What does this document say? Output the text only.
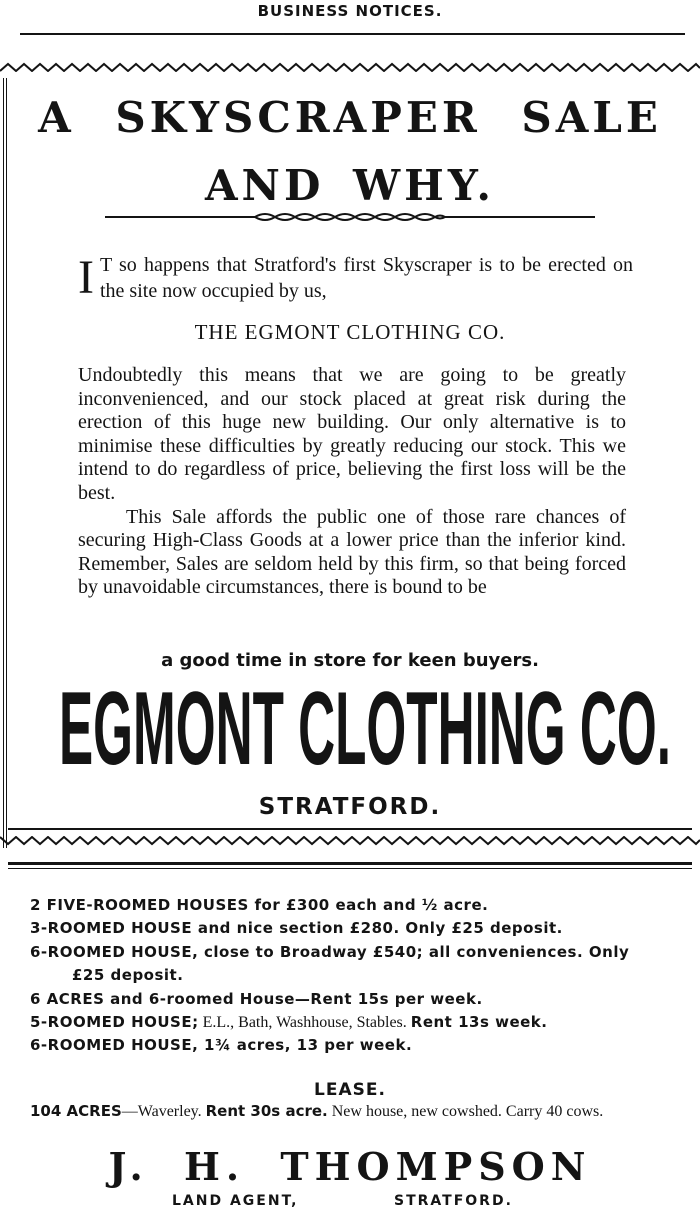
BUSINESS NOTICES.
A SKYSCRAPER SALE
AND WHY.
I T so happens that Stratford's first Skyscraper is to be erected on the site now occupied by us,
THE EGMONT CLOTHING CO.

Undoubtedly this means that we are going to be greatly inconvenienced, and our stock placed at great risk during the erection of this huge new building. Our only alternative is to minimise these difficulties by greatly reducing our stock. This we intend to do regardless of price, believing the first loss will be the best.

This Sale affords the public one of those rare chances of securing High-Class Goods at a lower price than the inferior kind. Remember, Sales are seldom held by this firm, so that being forced by unavoidable circumstances, there is bound to be

a good time in store for keen buyers.
EGMONT CLOTHING CO.
STRATFORD.
2 FIVE-ROOMED HOUSES for £300 each and ½ acre.
3-ROOMED HOUSE and nice section £280. Only £25 deposit.
6-ROOMED HOUSE, close to Broadway £540; all conveniences. Only
£25 deposit.
6 ACRES and 6-roomed House—Rent 15s per week.
5-ROOMED HOUSE; E.L., Bath, Washhouse, Stables. Rent 13s week.
6-ROOMED HOUSE, 1¾ acres, 13 per week.
LEASE.
104 ACRES—Waverley. Rent 30s acre. New house, new cowshed. Carry 40 cows.
J. H. THOMPSON
LAND AGENT,	STRATFORD.
